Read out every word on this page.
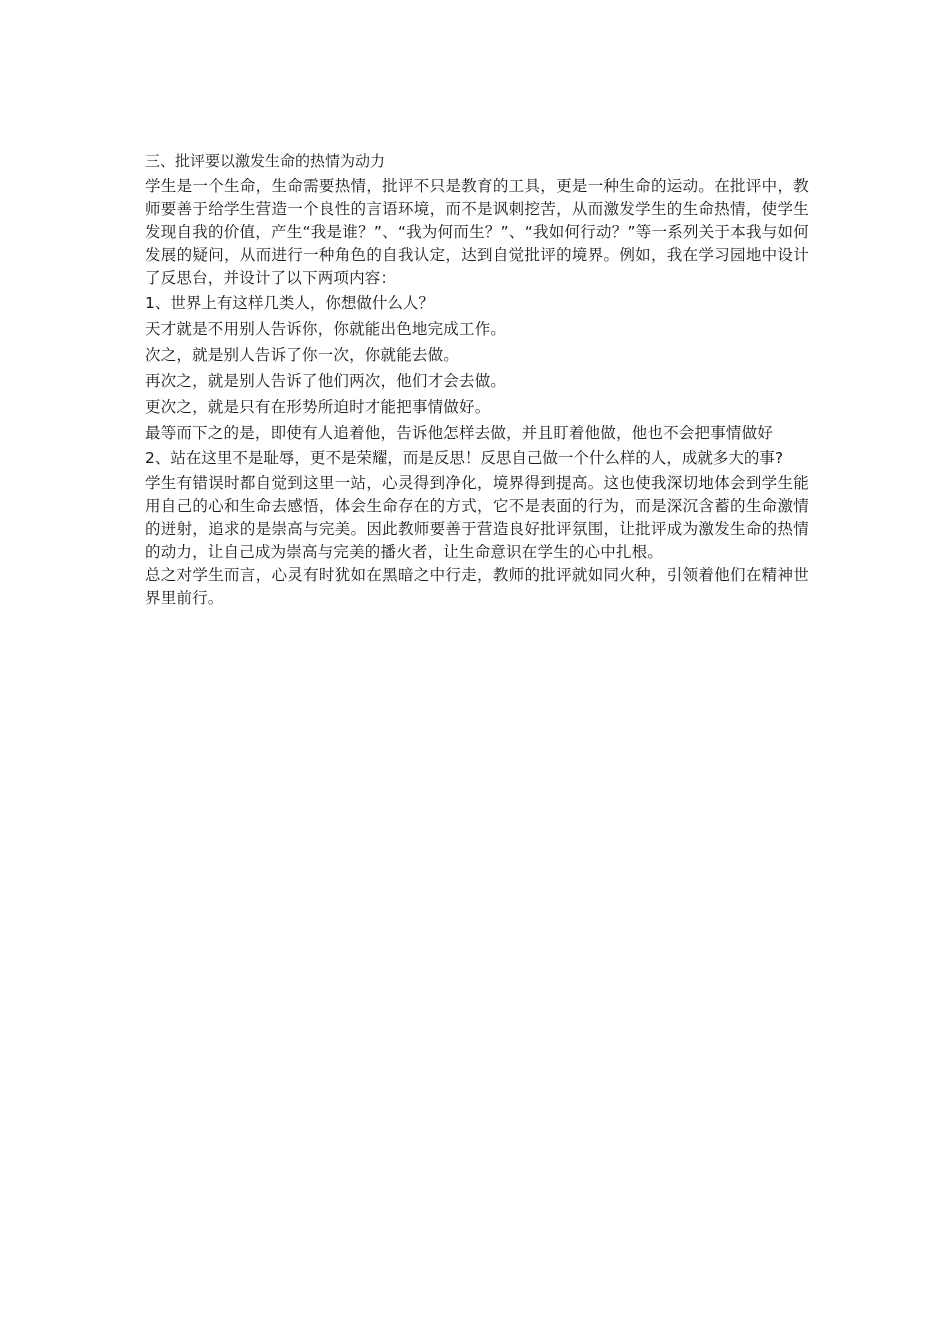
三、批评要以激发生命的热情为动力

学生是一个生命，生命需要热情，批评不只是教育的工具，更是一种生命的运动。在批评中，教师要善于给学生营造一个良性的言语环境，而不是讽刺挖苦，从而激发学生的生命热情，使学生发现自我的价值，产生“我是谁？”、“我为何而生？”、“我如何行动？”等一系列关于本我与如何发展的疑问，从而进行一种角色的自我认定，达到自觉批评的境界。例如，我在学习园地中设计了反思台，并设计了以下两项内容：

1、世界上有这样几类人，你想做什么人？

天才就是不用别人告诉你，你就能出色地完成工作。

次之，就是别人告诉了你一次，你就能去做。

再次之，就是别人告诉了他们两次，他们才会去做。

更次之，就是只有在形势所迫时才能把事情做好。

最等而下之的是，即使有人追着他，告诉他怎样去做，并且盯着他做，他也不会把事情做好

2、站在这里不是耻辱，更不是荣耀，而是反思！反思自己做一个什么样的人，成就多大的事?

学生有错误时都自觉到这里一站，心灵得到净化，境界得到提高。这也使我深切地体会到学生能用自己的心和生命去感悟，体会生命存在的方式，它不是表面的行为，而是深沉含蓄的生命激情的迸射，追求的是崇高与完美。因此教师要善于营造良好批评氛围，让批评成为激发生命的热情的动力，让自己成为崇高与完美的播火者，让生命意识在学生的心中扎根。

总之对学生而言，心灵有时犹如在黑暗之中行走，教师的批评就如同火种，引领着他们在精神世界里前行。
